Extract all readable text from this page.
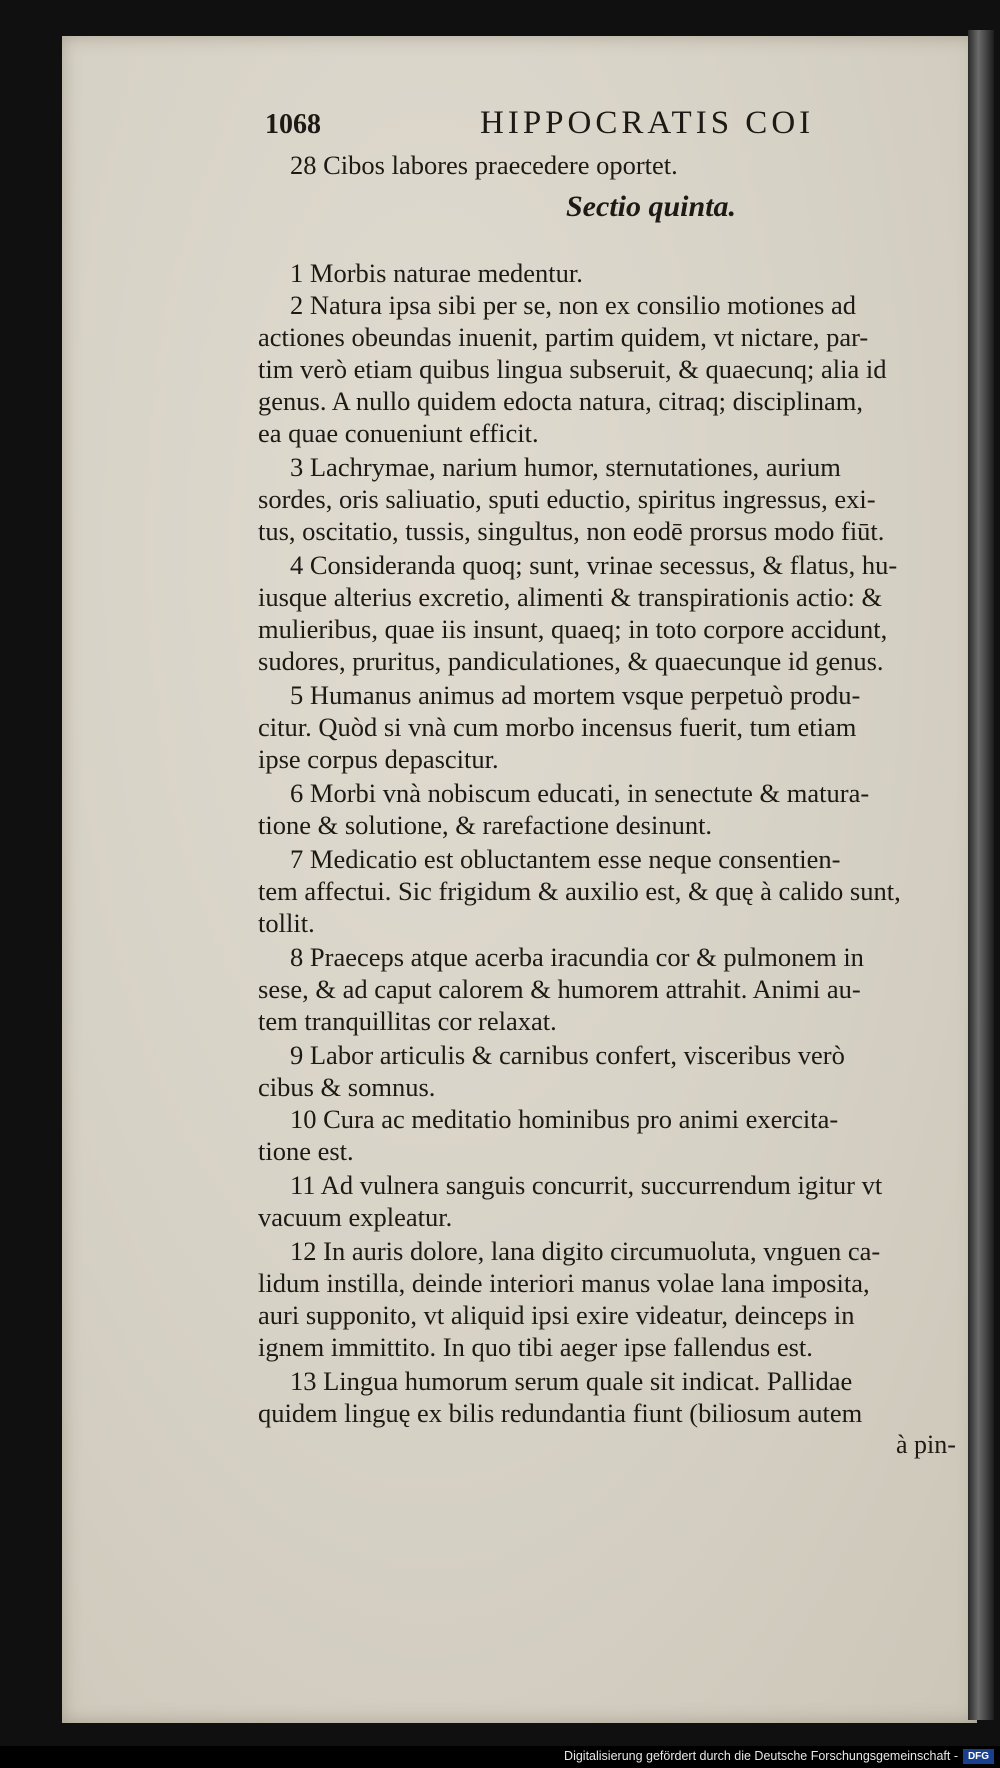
1068	HIPPOCRATIS COI
28 Cibos labores praecedere oportet.
Sectio quinta.
1 Morbis naturae medentur.
2 Natura ipsa sibi per se, non ex consilio motiones ad
actiones obeundas inuenit, partim quidem, vt nictare, par-
tim verò etiam quibus lingua subseruit, & quaecunq; alia id
genus. A nullo quidem edocta natura, citraq; disciplinam,
ea quae conueniunt efficit.
3 Lachrymae, narium humor, sternutationes, aurium
sordes, oris saliuatio, sputi eductio, spiritus ingressus, exi-
tus, oscitatio, tussis, singultus, non eodē prorsus modo fiūt.
4 Consideranda quoq; sunt, vrinae secessus, & flatus, hu-
iusque alterius excretio, alimenti & transpirationis actio: &
mulieribus, quae iis insunt, quaeq; in toto corpore accidunt,
sudores, pruritus, pandiculationes, & quaecunque id genus.
5 Humanus animus ad mortem vsque perpetuò produ-
citur. Quòd si vnà cum morbo incensus fuerit, tum etiam
ipse corpus depascitur.
6 Morbi vnà nobiscum educati, in senectute & matura-
tione & solutione, & rarefactione desinunt.
7 Medicatio est obluctantem esse neque consentien-
tem affectui. Sic frigidum & auxilio est, & quę à calido sunt,
tollit.
8 Praeceps atque acerba iracundia cor & pulmonem in
sese, & ad caput calorem & humorem attrahit. Animi au-
tem tranquillitas cor relaxat.
9 Labor articulis & carnibus confert, visceribus verò
cibus & somnus.
10 Cura ac meditatio hominibus pro animi exercita-
tione est.
11 Ad vulnera sanguis concurrit, succurrendum igitur vt
vacuum expleatur.
12 In auris dolore, lana digito circumuoluta, vnguen ca-
lidum instilla, deinde interiori manus volae lana imposita,
auri supponito, vt aliquid ipsi exire videatur, deinceps in
ignem immittito. In quo tibi aeger ipse fallendus est.
13 Lingua humorum serum quale sit indicat. Pallidae
quidem linguę ex bilis redundantia fiunt (biliosum autem
à pin-
Digitalisierung gefördert durch die Deutsche Forschungsgemeinschaft - DFG
